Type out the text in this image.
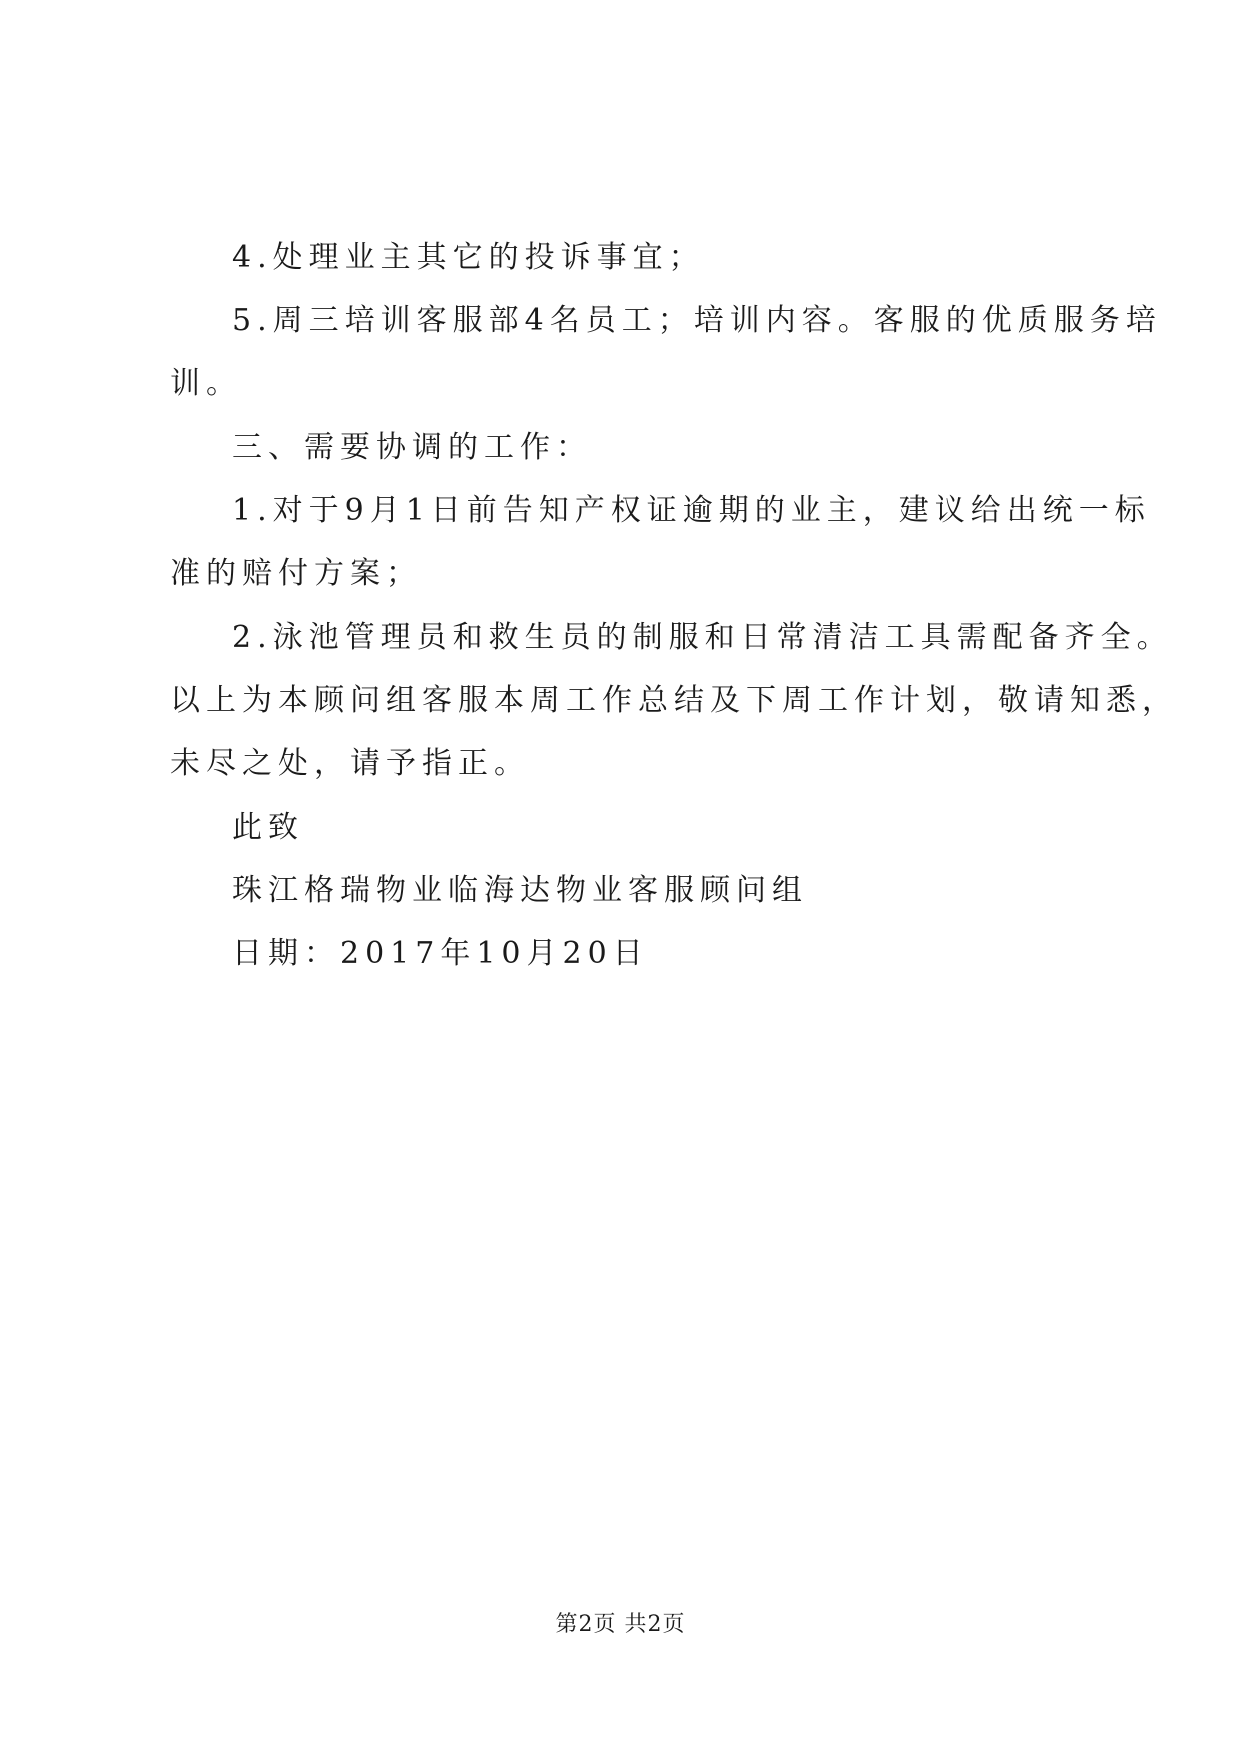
4.处理业主其它的投诉事宜；
5.周三培训客服部4名员工；培训内容。客服的优质服务培
训。
三、需要协调的工作：
1.对于9月1日前告知产权证逾期的业主，建议给出统一标
准的赔付方案；
2.泳池管理员和救生员的制服和日常清洁工具需配备齐全。
以上为本顾问组客服本周工作总结及下周工作计划，敬请知悉，
未尽之处，请予指正。
此致
珠江格瑞物业临海达物业客服顾问组
日期：2017年10月20日
第2页 共2页
